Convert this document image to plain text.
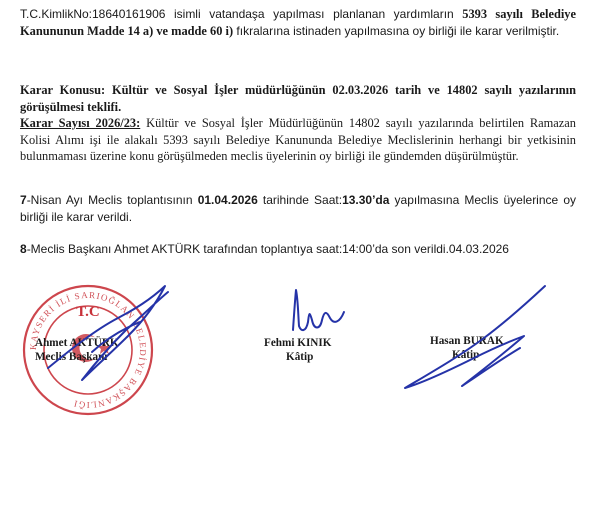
T.C.KimlikNo:18640161906 isimli vatandaşa yapılması planlanan yardımların 5393 sayılı Belediye Kanununun Madde 14 a) ve madde 60 i) fıkralarına istinaden yapılmasına oy birliği ile karar verilmiştir.

Karar Konusu: Kültür ve Sosyal İşler müdürlüğünün 02.03.2026 tarih ve 14802 sayılı yazılarının görüşülmesi teklifi.
Karar Sayısı 2026/23: Kültür ve Sosyal İşler Müdürlüğünün 14802 sayılı yazılarında belirtilen Ramazan Kolisi Alımı işi ile alakalı 5393 sayılı Belediye Kanununda Belediye Meclislerinin herhangi bir yetkisinin bulunmaması üzerine konu görüşülmeden meclis üyelerinin oy birliği ile gündemden düşürülmüştür.

7-Nisan Ayı Meclis toplantısının 01.04.2026 tarihinde Saat:13.30’da yapılmasına Meclis üyelerince oy birliği ile karar verildi.

8-Meclis Başkanı Ahmet AKTÜRK tarafından toplantıya saat:14:00’da son verildi.04.03.2026

KAYSERİ İLİ SARIOĞLAN BELEDİYE BAŞKANLIĞI
T.C
Ahmet AKTÜRK
Meclis Başkanı
Fehmi KINIK
Kâtip
Hasan BURAK
Kâtip
